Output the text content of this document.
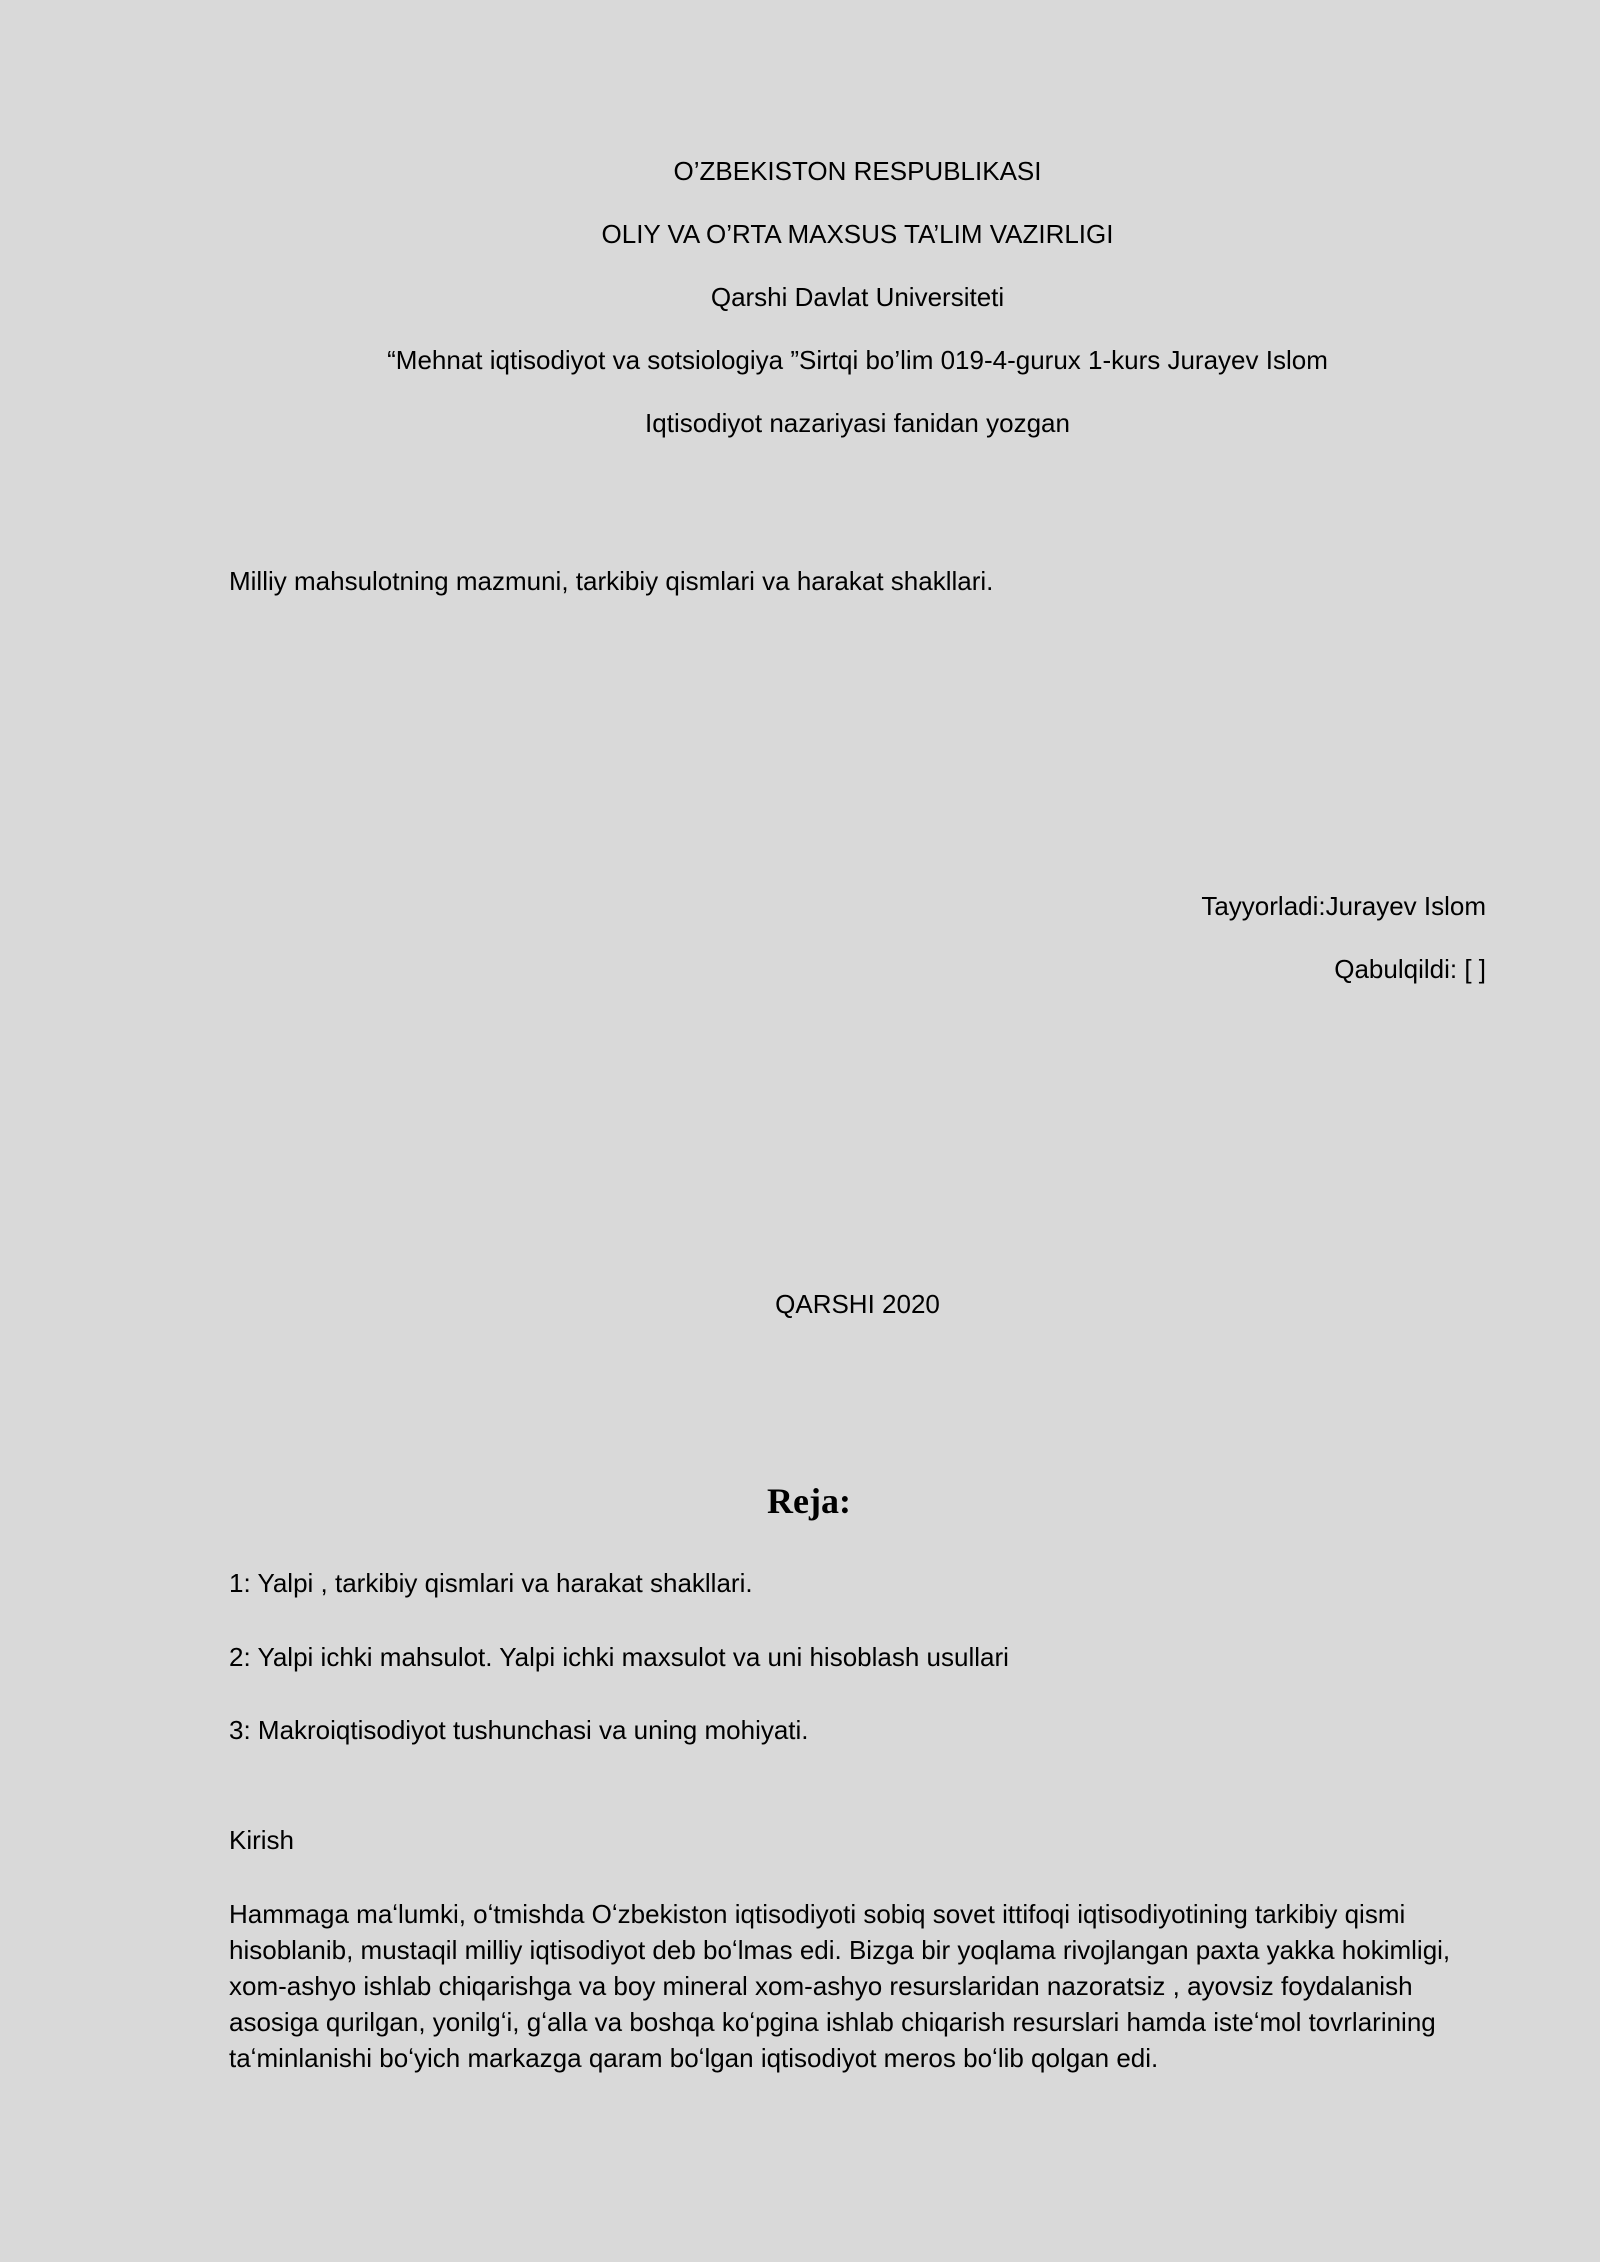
O’ZBEKISTON RESPUBLIKASI
OLIY VA O’RTA MAXSUS TA’LIM VAZIRLIGI
Qarshi Davlat Universiteti
“Mehnat iqtisodiyot va sotsiologiya ”Sirtqi bo’lim 019-4-gurux 1-kurs Jurayev Islom
Iqtisodiyot nazariyasi fanidan yozgan
Milliy mahsulotning mazmuni, tarkibiy qismlari va harakat shakllari.
Tayyorladi:Jurayev Islom
Qabulqildi: [ ]
QARSHI 2020
Reja:
1: Yalpi , tarkibiy qismlari va harakat shakllari.
2: Yalpi ichki mahsulot. Yalpi ichki maxsulot va uni hisoblash usullari
3: Makroiqtisodiyot tushunchasi va uning mohiyati.
Kirish
Hammaga maʻlumki, oʻtmishda Oʻzbekiston iqtisodiyoti sobiq sovet ittifoqi iqtisodiyotining tarkibiy qismi hisoblanib, mustaqil milliy iqtisodiyot deb boʻlmas edi. Bizga bir yoqlama rivojlangan paxta yakka hokimligi, xom-ashyo ishlab chiqarishga va boy mineral xom-ashyo resurslaridan nazoratsiz , ayovsiz foydalanish asosiga qurilgan, yonilgʻi, gʻalla va boshqa koʻpgina ishlab chiqarish resurslari hamda isteʻmol tovrlarining taʻminlanishi boʻyich markazga qaram boʻlgan iqtisodiyot meros boʻlib qolgan edi.
